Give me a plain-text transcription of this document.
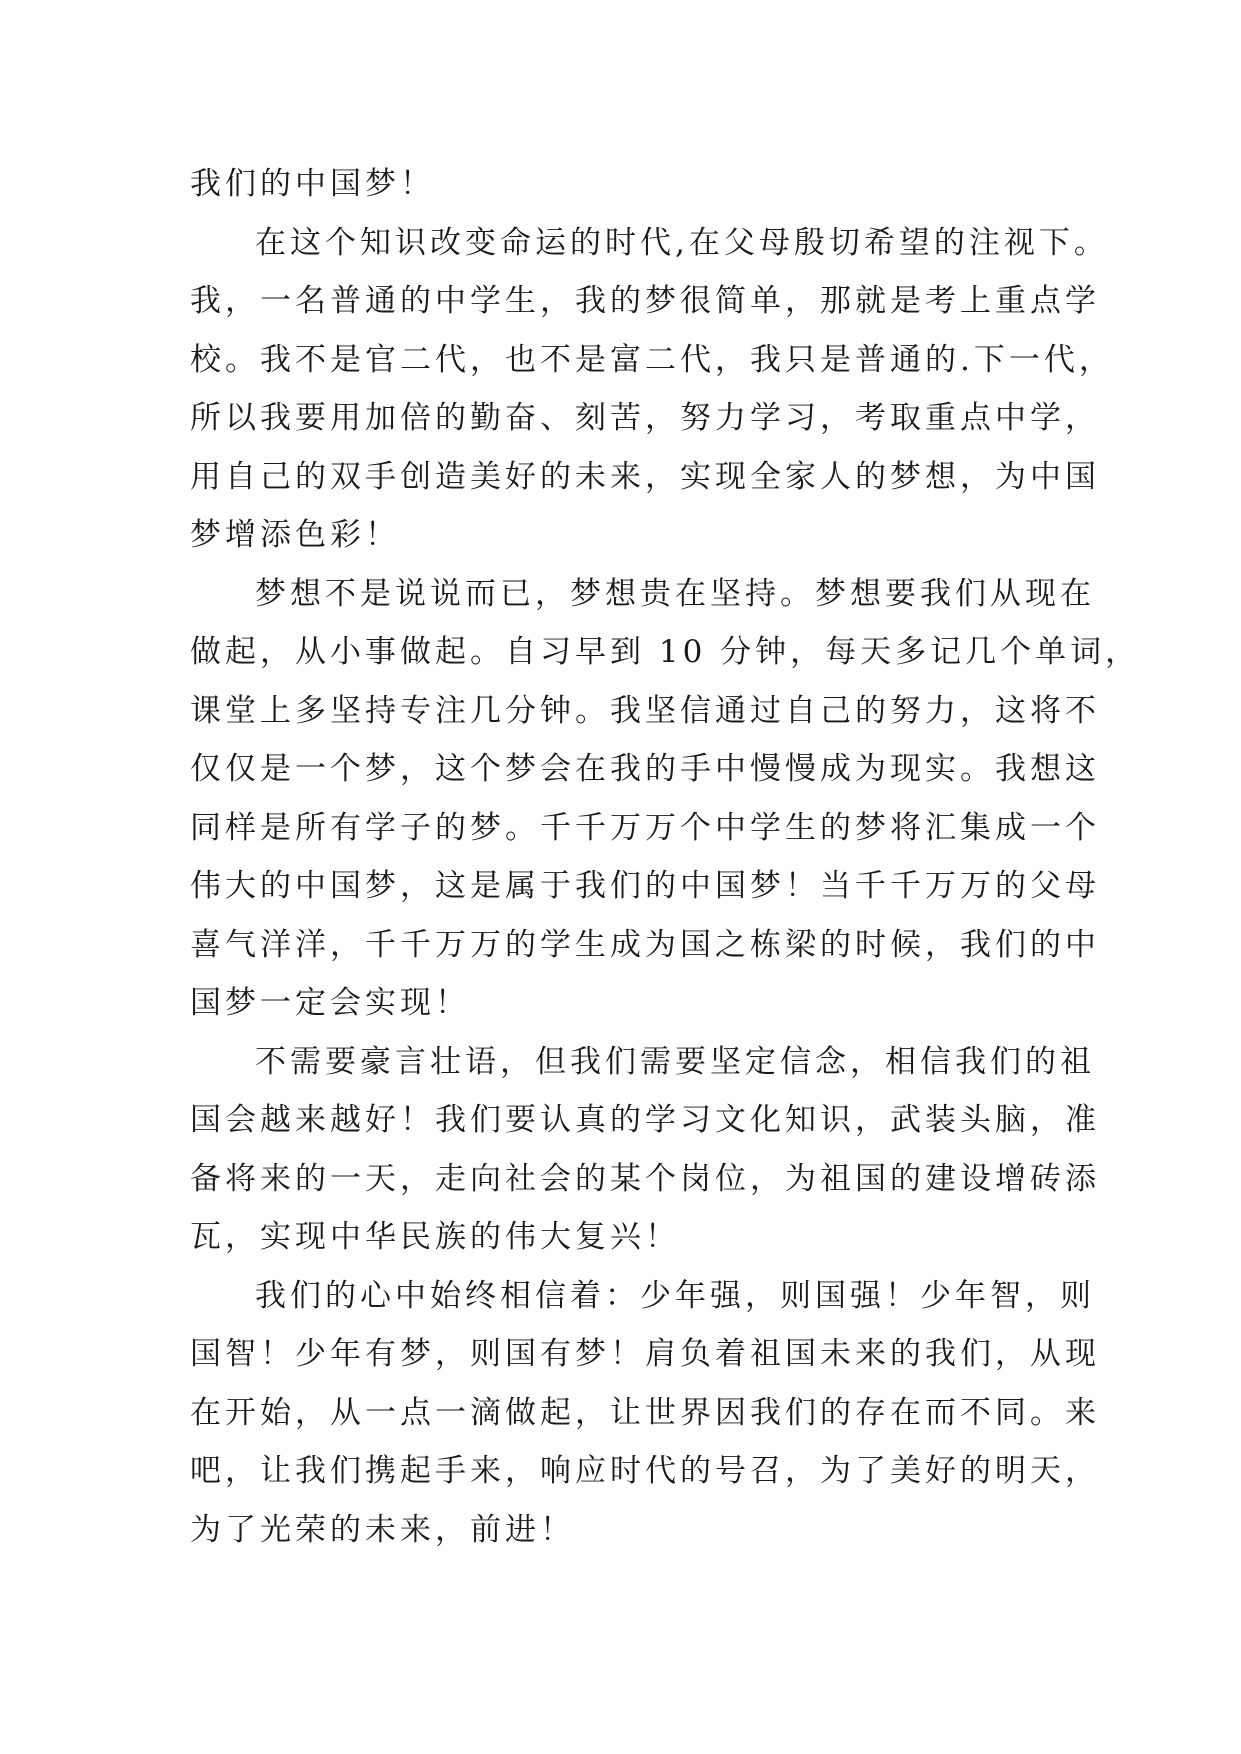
我们的中国梦！
在这个知识改变命运的时代,在父母殷切希望的注视下。
我，一名普通的中学生，我的梦很简单，那就是考上重点学
校。我不是官二代，也不是富二代，我只是普通的.下一代，
所以我要用加倍的勤奋、刻苦，努力学习，考取重点中学，
用自己的双手创造美好的未来，实现全家人的梦想，为中国
梦增添色彩！
梦想不是说说而已，梦想贵在坚持。梦想要我们从现在
做起，从小事做起。自习早到 10 分钟，每天多记几个单词，
课堂上多坚持专注几分钟。我坚信通过自己的努力，这将不
仅仅是一个梦，这个梦会在我的手中慢慢成为现实。我想这
同样是所有学子的梦。千千万万个中学生的梦将汇集成一个
伟大的中国梦，这是属于我们的中国梦！当千千万万的父母
喜气洋洋，千千万万的学生成为国之栋梁的时候，我们的中
国梦一定会实现！
不需要豪言壮语，但我们需要坚定信念，相信我们的祖
国会越来越好！我们要认真的学习文化知识，武装头脑，准
备将来的一天，走向社会的某个岗位，为祖国的建设增砖添
瓦，实现中华民族的伟大复兴！
我们的心中始终相信着：少年强，则国强！少年智，则
国智！少年有梦，则国有梦！肩负着祖国未来的我们，从现
在开始，从一点一滴做起，让世界因我们的存在而不同。来
吧，让我们携起手来，响应时代的号召，为了美好的明天，
为了光荣的未来，前进！
